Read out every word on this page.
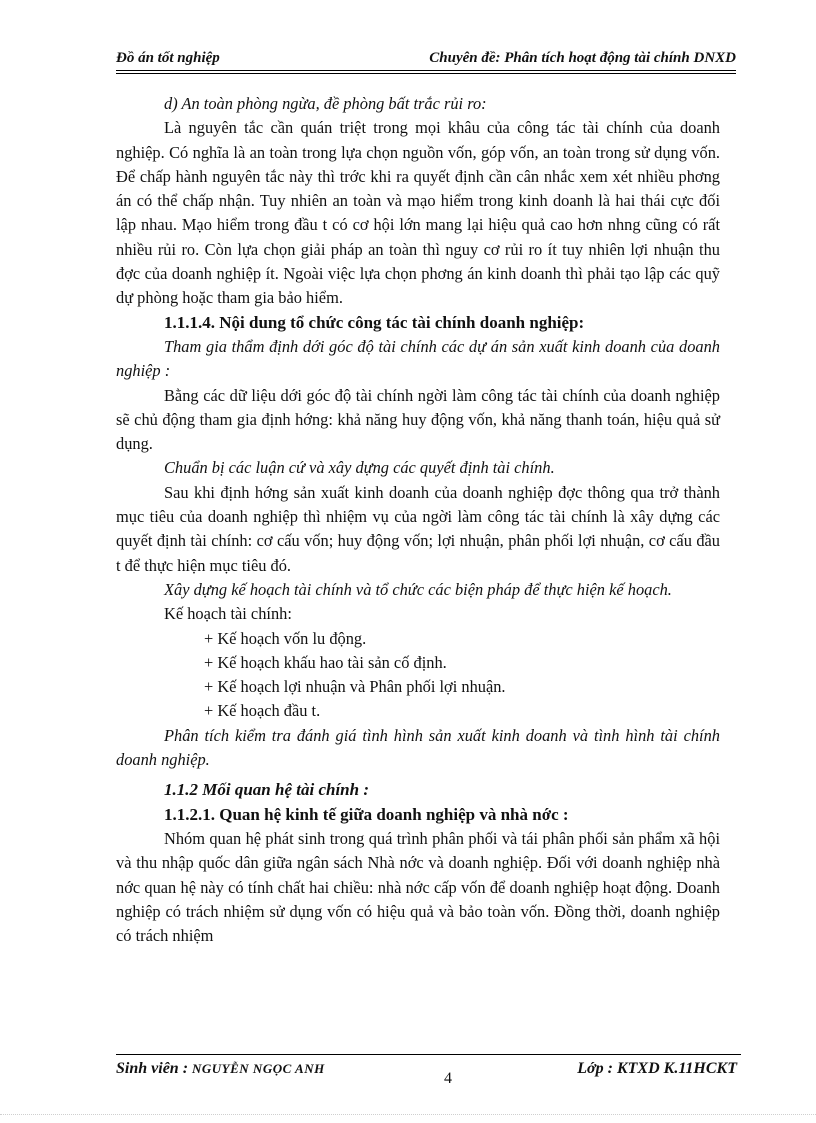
Đồ án tốt nghiệp	Chuyên đề: Phân tích hoạt động tài chính DNXD

d) An toàn phòng ngừa, đề phòng bất trắc rủi ro:

Là nguyên tắc cần quán triệt trong mọi khâu của công tác tài chính của doanh nghiệp. Có nghĩa là an toàn trong lựa chọn nguồn vốn, góp vốn, an toàn trong sử dụng vốn. Để chấp hành nguyên tắc này thì trớc khi ra quyết định cần cân nhắc xem xét nhiều phơng án có thể chấp nhận. Tuy nhiên an toàn và mạo hiểm trong kinh doanh là hai thái cực đối lập nhau. Mạo hiểm trong đầu t có cơ hội lớn mang lại hiệu quả cao hơn nhng cũng có rất nhiều rủi ro. Còn lựa chọn giải pháp an toàn thì nguy cơ rủi ro ít tuy nhiên lợi nhuận thu đợc của doanh nghiệp ít. Ngoài việc lựa chọn phơng án kinh doanh thì phải tạo lập các quỹ dự phòng hoặc tham gia bảo hiểm.

1.1.1.4. Nội dung tổ chức công tác tài chính doanh nghiệp:

Tham gia thẩm định dới góc độ tài chính các dự án sản xuất kinh doanh của doanh nghiệp :

Bằng các dữ liệu dới góc độ tài chính ngời làm công tác tài chính của doanh nghiệp sẽ chủ động tham gia định hớng: khả năng huy động vốn, khả năng thanh toán, hiệu quả sử dụng.

Chuẩn bị các luận cứ và xây dựng các quyết định tài chính.

Sau khi định hớng sản xuất kinh doanh của doanh nghiệp đợc thông qua trở thành mục tiêu của doanh nghiệp thì nhiệm vụ của ngời làm công tác tài chính là xây dựng các quyết định tài chính: cơ cấu vốn; huy động vốn; lợi nhuận, phân phối lợi nhuận, cơ cấu đầu t để thực hiện mục tiêu đó.

Xây dựng kế hoạch tài chính và tổ chức các biện pháp để thực hiện kế hoạch.

Kế hoạch tài chính:

+ Kế hoạch vốn lu động.

+ Kế hoạch khấu hao tài sản cố định.

+ Kế hoạch lợi nhuận và Phân phối lợi nhuận.

+ Kế hoạch đầu t.

Phân tích kiểm tra đánh giá tình hình sản xuất kinh doanh và tình hình tài chính doanh nghiệp.

1.1.2 Mối quan hệ tài chính :

1.1.2.1. Quan hệ kinh tế giữa doanh nghiệp và nhà nớc :

Nhóm quan hệ phát sinh trong quá trình phân phối và tái phân phối sản phẩm xã hội và thu nhập quốc dân giữa ngân sách Nhà nớc và doanh nghiệp. Đối với doanh nghiệp nhà nớc quan hệ này có tính chất hai chiều: nhà nớc cấp vốn để doanh nghiệp hoạt động. Doanh nghiệp có trách nhiệm sử dụng vốn có hiệu quả và bảo toàn vốn. Đồng thời, doanh nghiệp có trách nhiệm

Sinh viên : NGUYỄN NGỌC ANH
4
Lớp : KTXD K.11HCKT
